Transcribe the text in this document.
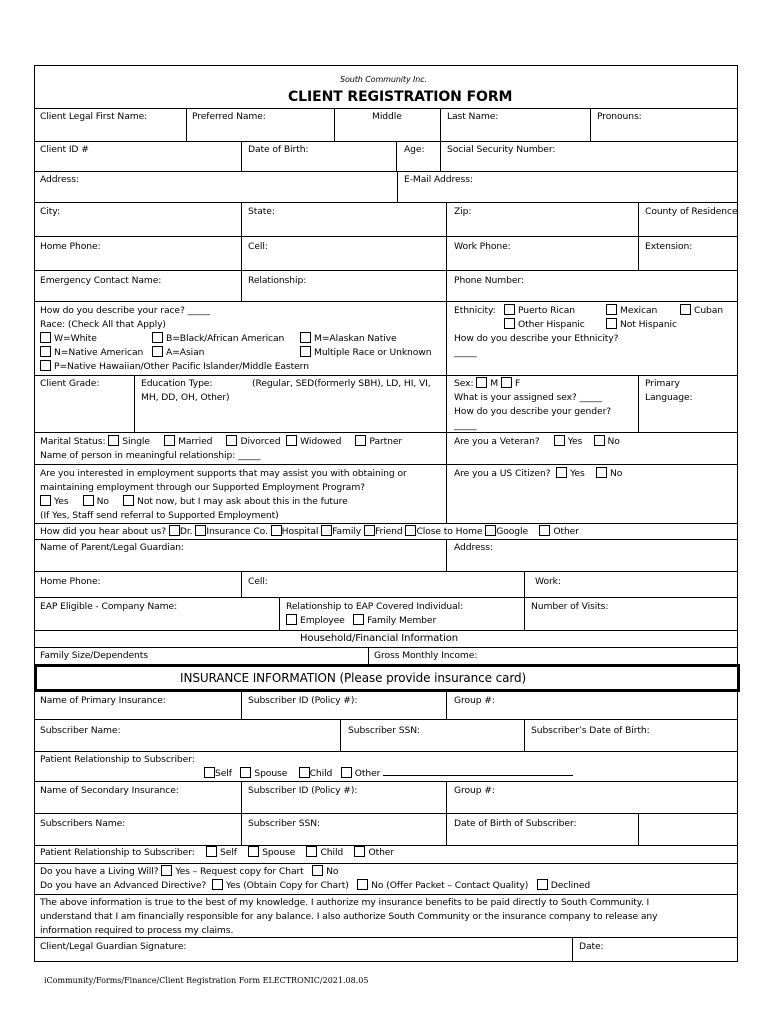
South Community Inc.
CLIENT REGISTRATION FORM
Client Legal First Name:	Preferred Name:	Middle	Last Name:	Pronouns:
Client ID #	Date of Birth:	Age: Social Security Number:
Address:	E-Mail Address:
City:	State:	Zip:	County of Residence
Home Phone:	Cell:	Work Phone:	Extension:
Emergency Contact Name:	Relationship:	Phone Number:
How do you describe your race? _____
Race: (Check All that Apply)
W=White	B=Black/African American	M=Alaskan Native
N=Native American	A=Asian	Multiple Race or Unknown
P=Native Hawaiian/Other Pacific Islander/Middle Eastern
Ethnicity:	Puerto Rican	Mexican	Cuban
Other Hispanic	Not Hispanic
How do you describe your Ethnicity?
_____
Client Grade:	Education Type:	(Regular, SED(formerly SBH), LD, HI, VI,
MH, DD, OH, Other)
Sex: M F
What is your assigned sex? _____
How do you describe your gender?
_____
Primary
Language:
Marital Status: Single	Married	Divorced Widowed	Partner
Name of person in meaningful relationship: _____
Are you a Veteran?	Yes	No
Are you interested in employment supports that may assist you with obtaining or
maintaining employment through our Supported Employment Program?
Yes	No	Not now, but I may ask about this in the future
(If Yes, Staff send referral to Supported Employment)
Are you a US Citizen? Yes	No
How did you hear about us? Dr. Insurance Co. Hospital Family Friend Close to Home Google	Other
Name of Parent/Legal Guardian:	Address:
Home Phone:	Cell:	Work:
EAP Eligible - Company Name:	Relationship to EAP Covered Individual:
Employee Family Member
Number of Visits:
Household/Financial Information
Family Size/Dependents	Gross Monthly Income:
INSURANCE INFORMATION (Please provide insurance card)
Name of Primary Insurance:	Subscriber ID (Policy #):	Group #:
Subscriber Name:	Subscriber SSN:	Subscriber’s Date of Birth:
Patient Relationship to Subscriber:
Self Spouse Child Other
Name of Secondary Insurance:	Subscriber ID (Policy #):	Group #:
Subscribers Name:	Subscriber SSN:	Date of Birth of Subscriber:
Patient Relationship to Subscriber:	Self	Spouse	Child	Other
Do you have a Living Will? Yes – Request copy for Chart No
Do you have an Advanced Directive? Yes (Obtain Copy for Chart) No (Offer Packet – Contact Quality) Declined
The above information is true to the best of my knowledge. I authorize my insurance benefits to be paid directly to South Community. I
understand that I am financially responsible for any balance. I also authorize South Community or the insurance company to release any
information required to process my claims.
Client/Legal Guardian Signature:	Date:
iCommunity/Forms/Finance/Client Registration Form ELECTRONIC/2021.08.05
